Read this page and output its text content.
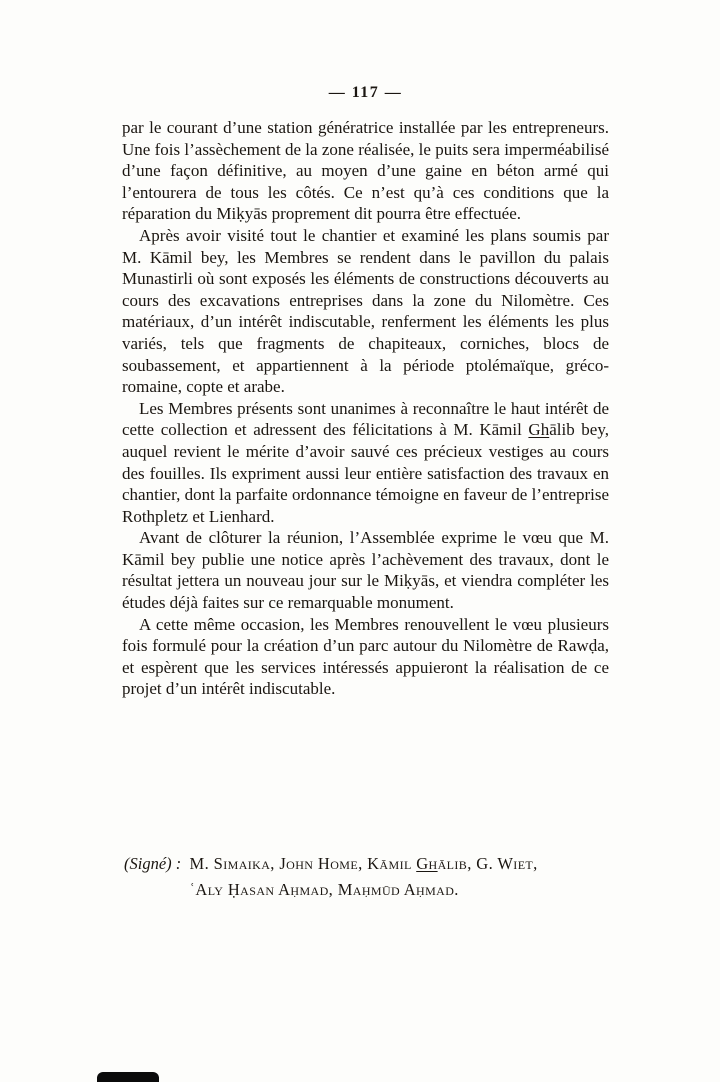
— 117 —

par le courant d’une station génératrice installée par les entrepreneurs. Une fois l’assèchement de la zone réalisée, le puits sera imperméabilisé d’une façon définitive, au moyen d’une gaine en béton armé qui l’entourera de tous les côtés. Ce n’est qu’à ces conditions que la réparation du Miḳyās proprement dit pourra être effectuée.

Après avoir visité tout le chantier et examiné les plans soumis par M. Kāmil bey, les Membres se rendent dans le pavillon du palais Munastirli où sont exposés les éléments de constructions découverts au cours des excavations entreprises dans la zone du Nilomètre. Ces matériaux, d’un intérêt indiscutable, renferment les éléments les plus variés, tels que fragments de chapiteaux, corniches, blocs de soubassement, et appartiennent à la période ptolémaïque, gréco-romaine, copte et arabe.

Les Membres présents sont unanimes à reconnaître le haut intérêt de cette collection et adressent des félicitations à M. Kāmil Ghālib bey, auquel revient le mérite d’avoir sauvé ces précieux vestiges au cours des fouilles. Ils expriment aussi leur entière satisfaction des travaux en chantier, dont la parfaite ordonnance témoigne en faveur de l’entreprise Rothpletz et Lienhard.

Avant de clôturer la réunion, l’Assemblée exprime le vœu que M. Kāmil bey publie une notice après l’achèvement des travaux, dont le résultat jettera un nouveau jour sur le Miḳyās, et viendra compléter les études déjà faites sur ce remarquable monument.

A cette même occasion, les Membres renouvellent le vœu plusieurs fois formulé pour la création d’un parc autour du Nilomètre de Rawḍa, et espèrent que les services intéressés appuieront la réalisation de ce projet d’un intérêt indiscutable.

(Signé) : M. Simaika, John Home, Kāmil Ghālib, G. Wiet,
ʿAly Ḥasan Aḥmad, Maḥmūd Aḥmad.
